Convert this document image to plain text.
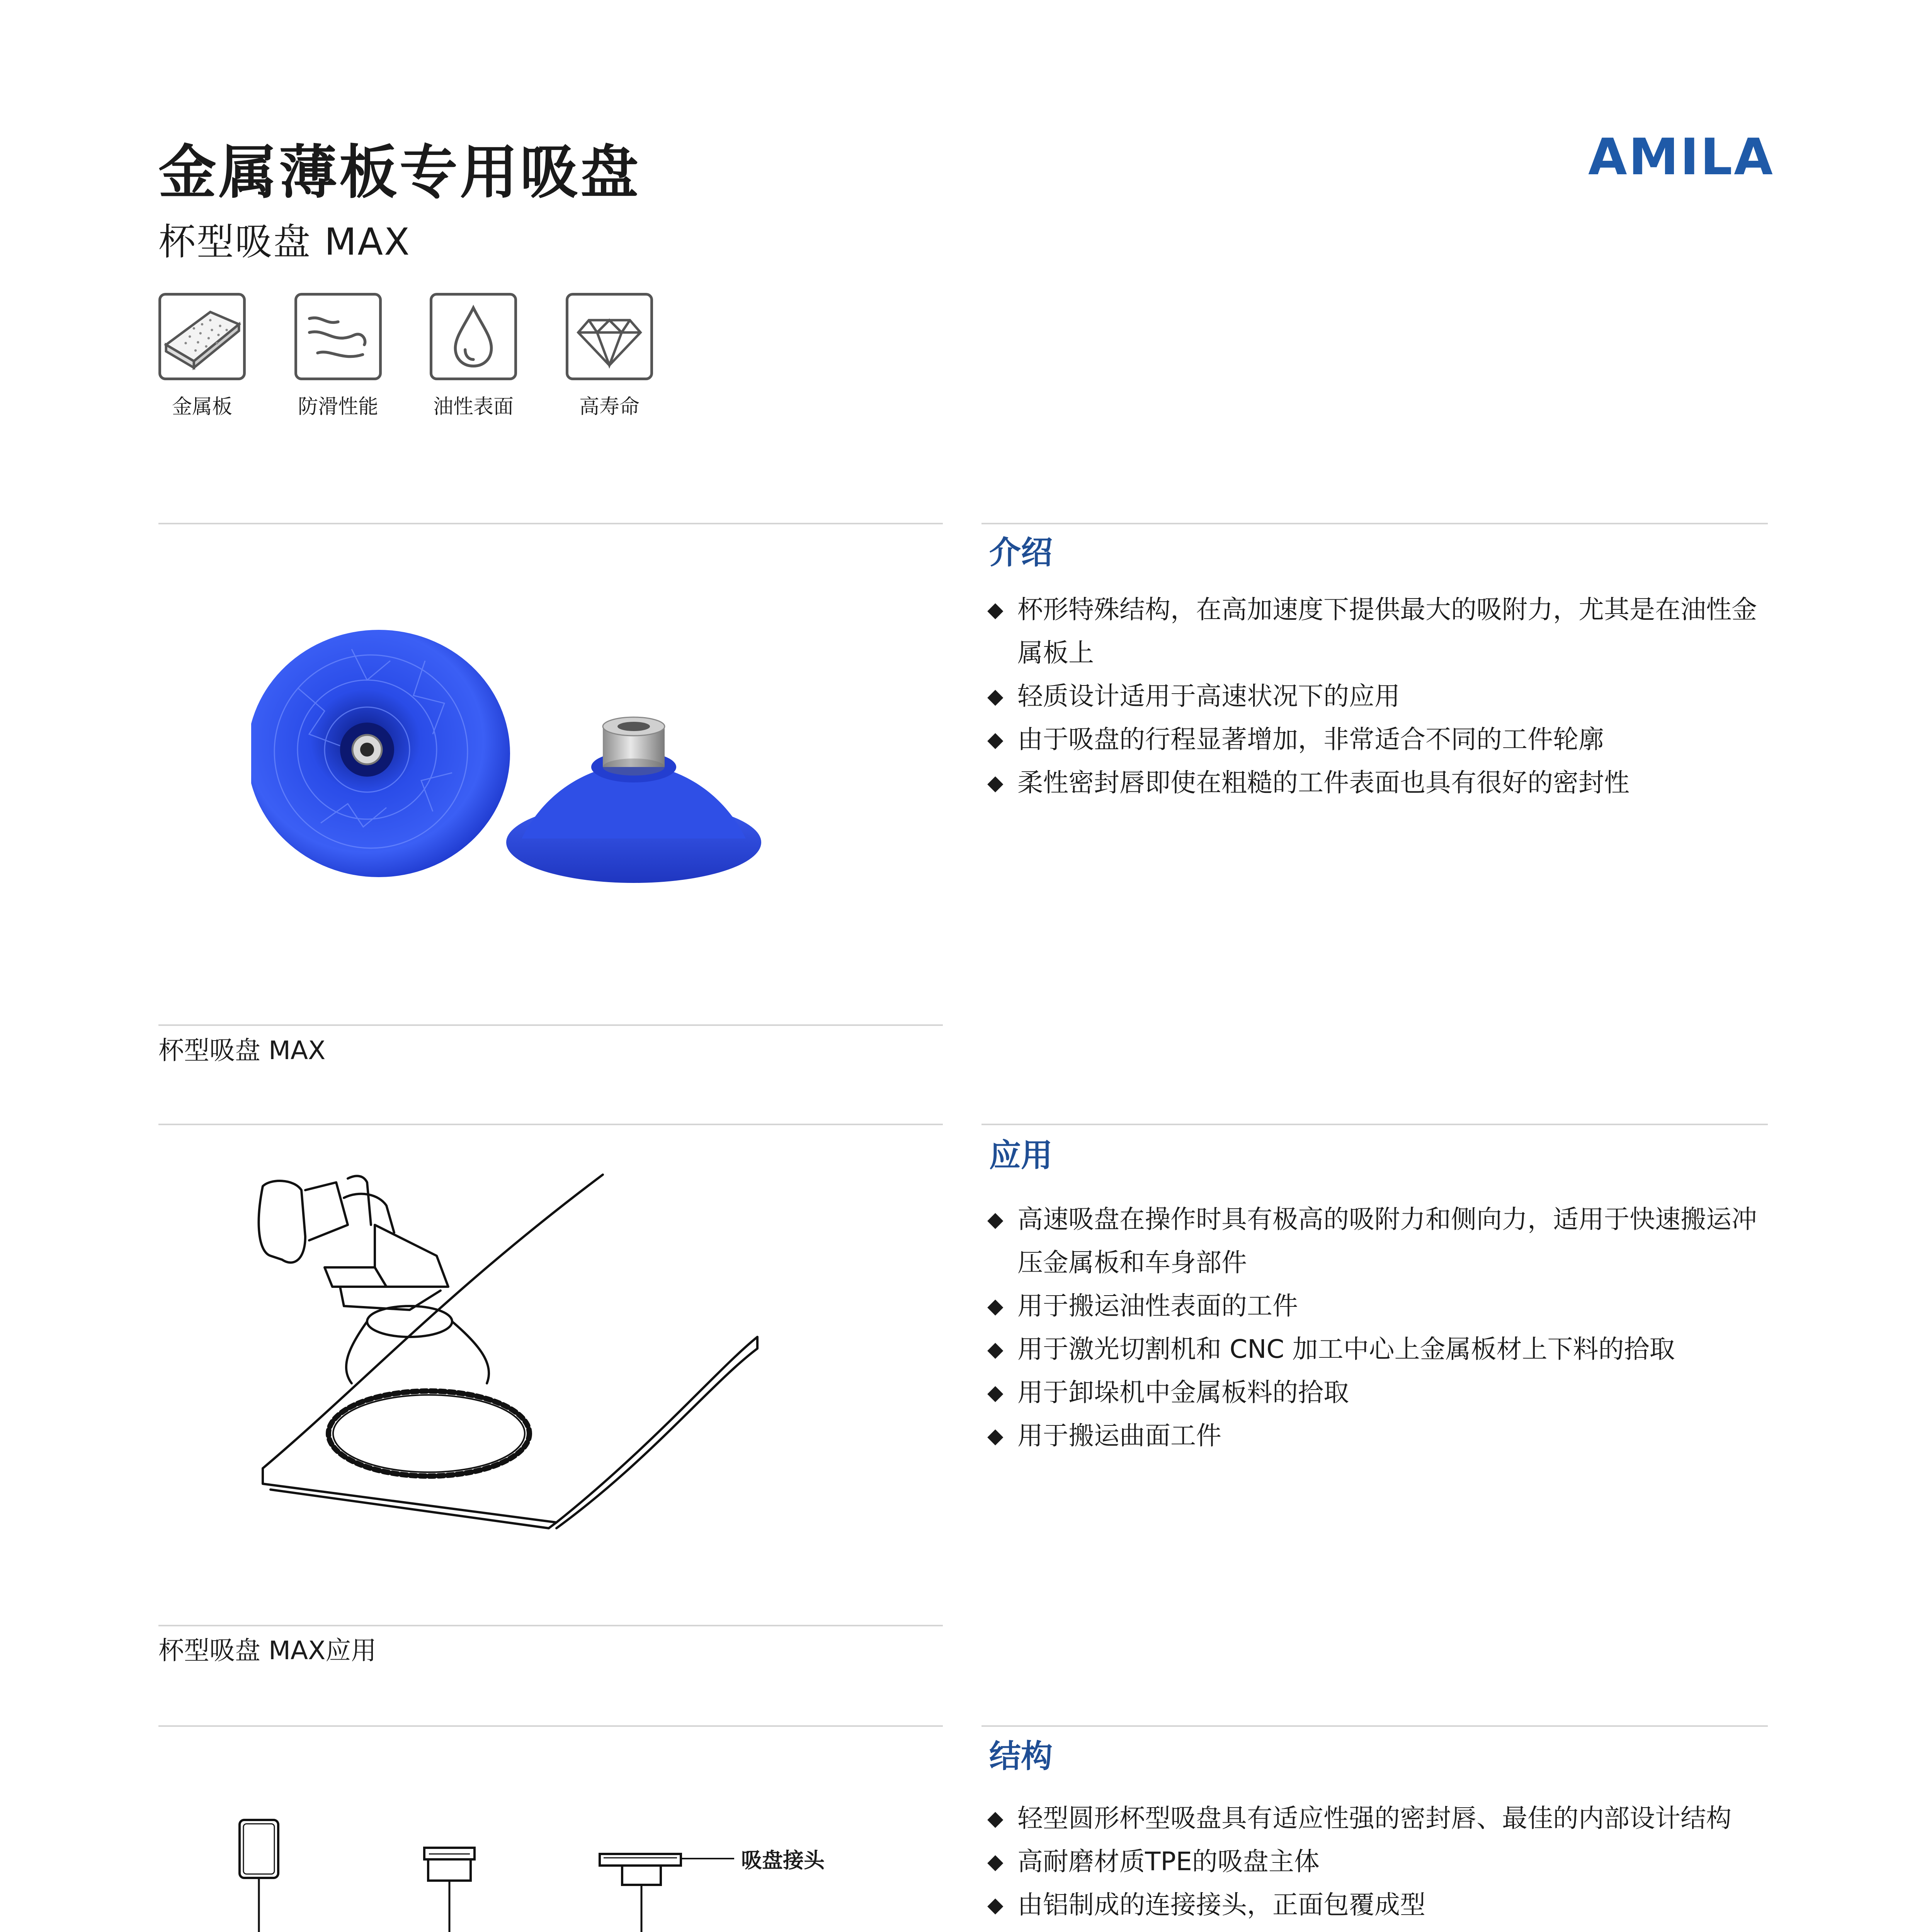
金属薄板专用吸盘
杯型吸盘 MAX
AMILA
金属板	防滑性能	油性表面	高寿命
介绍
◆ 杯形特殊结构，在高加速度下提供最大的吸附力，尤其是在油性金属板上
◆ 轻质设计适用于高速状况下的应用
◆ 由于吸盘的行程显著增加，非常适合不同的工件轮廓
◆ 柔性密封唇即使在粗糙的工件表面也具有很好的密封性
杯型吸盘 MAX
应用
◆ 高速吸盘在操作时具有极高的吸附力和侧向力，适用于快速搬运冲压金属板和车身部件
◆ 用于搬运油性表面的工件
◆ 用于激光切割机和 CNC 加工中心上金属板材上下料的拾取
◆ 用于卸垛机中金属板料的拾取
◆ 用于搬运曲面工件
杯型吸盘 MAX应用
结构
◆ 轻型圆形杯型吸盘具有适应性强的密封唇、最佳的内部设计结构
◆ 高耐磨材质TPE的吸盘主体
◆ 由铝制成的连接接头，正面包覆成型
吸盘接头
